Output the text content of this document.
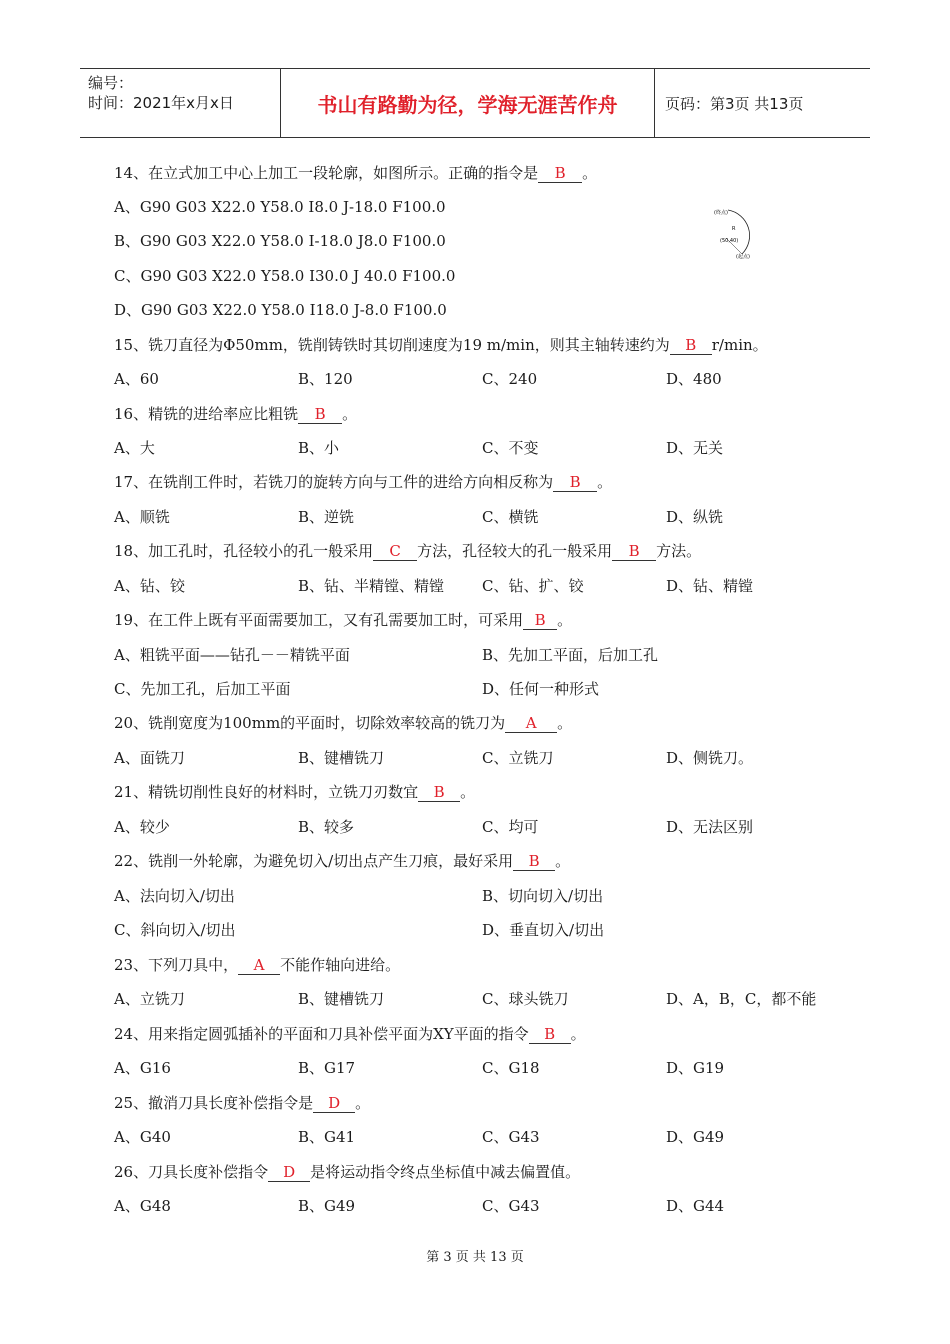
编号：
时间：2021年x月x日	书山有路勤为径，学海无涯苦作舟	页码：第3页 共13页
14、在立式加工中心上加工一段轮廓，如图所示。正确的指令是 B 。
A、G90 G03 X22.0 Y58.0 I8.0 J-18.0 F100.0
B、G90 G03 X22.0 Y58.0 I-18.0 J8.0 F100.0
C、G90 G03 X22.0 Y58.0 I30.0 J 40.0 F100.0
D、G90 G03 X22.0 Y58.0 I18.0 J-8.0 F100.0
(终点)
R
(50,40)
(起点)
15、铣刀直径为Φ50mm，铣削铸铁时其切削速度为19 m/min，则其主轴转速约为 B r/min。
A、60	B、120	C、240	D、480
16、精铣的进给率应比粗铣 B 。
A、大	B、小	C、不变	D、无关
17、在铣削工件时，若铣刀的旋转方向与工件的进给方向相反称为 B 。
A、顺铣	B、逆铣	C、横铣	D、纵铣
18、加工孔时，孔径较小的孔一般采用 C 方法，孔径较大的孔一般采用 B 方法。
A、钻、铰	B、钻、半精镗、精镗	C、钻、扩、铰	D、钻、精镗
19、在工件上既有平面需要加工，又有孔需要加工时，可采用 B 。
A、粗铣平面——钻孔－－精铣平面	B、先加工平面，后加工孔
C、先加工孔，后加工平面	D、任何一种形式
20、铣削宽度为100mm的平面时，切除效率较高的铣刀为 A 。
A、面铣刀	B、键槽铣刀	C、立铣刀	D、侧铣刀。
21、精铣切削性良好的材料时，立铣刀刃数宜 B 。
A、较少	B、较多	C、均可	D、无法区别
22、铣削一外轮廓，为避免切入/切出点产生刀痕，最好采用 B 。
A、法向切入/切出	B、切向切入/切出
C、斜向切入/切出	D、垂直切入/切出
23、下列刀具中， A 不能作轴向进给。
A、立铣刀	B、键槽铣刀	C、球头铣刀	D、A，B，C，都不能
24、用来指定圆弧插补的平面和刀具补偿平面为XY平面的指令 B 。
A、G16	B、G17	C、G18	D、G19
25、撤消刀具长度补偿指令是 D 。
A、G40	B、G41	C、G43	D、G49
26、刀具长度补偿指令 D 是将运动指令终点坐标值中减去偏置值。
A、G48	B、G49	C、G43	D、G44
第 3 页 共 13 页
